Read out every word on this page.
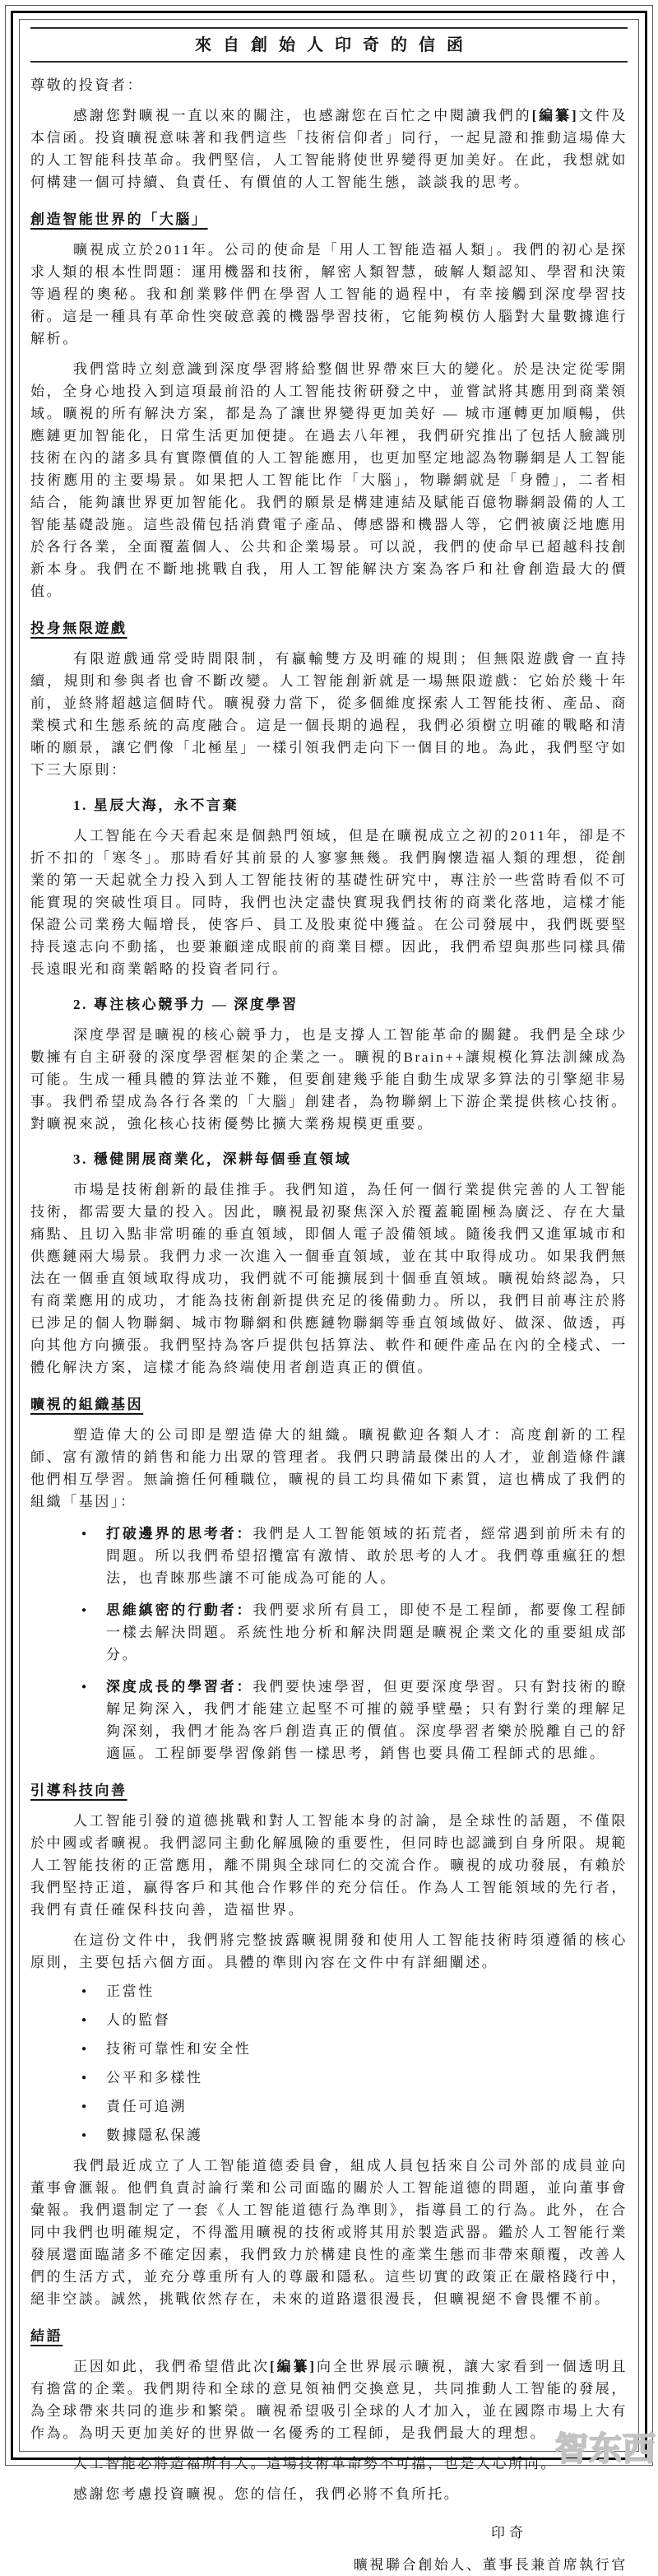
來自創始人印奇的信函
尊敬的投資者：
感謝您對曠視一直以來的關注，也感謝您在百忙之中閱讀我們的[編纂]文件及本信函。投資曠視意味著和我們這些「技術信仰者」同行，一起見證和推動這場偉大的人工智能科技革命。我們堅信，人工智能將使世界變得更加美好。在此，我想就如何構建一個可持續、負責任、有價值的人工智能生態，談談我的思考。
創造智能世界的「大腦」
曠視成立於2011年。公司的使命是「用人工智能造福人類」。我們的初心是探求人類的根本性問題：運用機器和技術，解密人類智慧，破解人類認知、學習和決策等過程的奧秘。我和創業夥伴們在學習人工智能的過程中，有幸接觸到深度學習技術。這是一種具有革命性突破意義的機器學習技術，它能夠模仿人腦對大量數據進行解析。
我們當時立刻意識到深度學習將給整個世界帶來巨大的變化。於是決定從零開始，全身心地投入到這項最前沿的人工智能技術研發之中，並嘗試將其應用到商業領域。曠視的所有解決方案，都是為了讓世界變得更加美好 — 城市運轉更加順暢，供應鏈更加智能化，日常生活更加便捷。在過去八年裡，我們研究推出了包括人臉識別技術在內的諸多具有實際價值的人工智能應用，也更加堅定地認為物聯網是人工智能技術應用的主要場景。如果把人工智能比作「大腦」，物聯網就是「身體」，二者相結合，能夠讓世界更加智能化。我們的願景是構建連結及賦能百億物聯網設備的人工智能基礎設施。這些設備包括消費電子產品、傳感器和機器人等，它們被廣泛地應用於各行各業，全面覆蓋個人、公共和企業場景。可以説，我們的使命早已超越科技創新本身。我們在不斷地挑戰自我，用人工智能解決方案為客戶和社會創造最大的價值。
投身無限遊戲
有限遊戲通常受時間限制，有贏輸雙方及明確的規則；但無限遊戲會一直持續，規則和參與者也會不斷改變。人工智能創新就是一場無限遊戲：它始於幾十年前，並終將超越這個時代。曠視發力當下，從多個維度探索人工智能技術、產品、商業模式和生態系統的高度融合。這是一個長期的過程，我們必須樹立明確的戰略和清晰的願景，讓它們像「北極星」一樣引領我們走向下一個目的地。為此，我們堅守如下三大原則：
1. 星辰大海，永不言棄
人工智能在今天看起來是個熱門領域，但是在曠視成立之初的2011年，卻是不折不扣的「寒冬」。那時看好其前景的人寥寥無幾。我們胸懷造福人類的理想，從創業的第一天起就全力投入到人工智能技術的基礎性研究中，專注於一些當時看似不可能實現的突破性項目。同時，我們也決定盡快實現我們技術的商業化落地，這樣才能保證公司業務大幅增長，使客戶、員工及股東從中獲益。在公司發展中，我們既要堅持長遠志向不動搖，也要兼顧達成眼前的商業目標。因此，我們希望與那些同樣具備長遠眼光和商業韜略的投資者同行。
2. 專注核心競爭力 — 深度學習
深度學習是曠視的核心競爭力，也是支撐人工智能革命的關鍵。我們是全球少數擁有自主研發的深度學習框架的企業之一。曠視的Brain++讓規模化算法訓練成為可能。生成一種具體的算法並不難，但要創建幾乎能自動生成眾多算法的引擎絕非易事。我們希望成為各行各業的「大腦」創建者，為物聯網上下游企業提供核心技術。對曠視來説，強化核心技術優勢比擴大業務規模更重要。
3. 穩健開展商業化，深耕每個垂直領域
市場是技術創新的最佳推手。我們知道，為任何一個行業提供完善的人工智能技術，都需要大量的投入。因此，曠視最初聚焦深入於覆蓋範圍極為廣泛、存在大量痛點、且切入點非常明確的垂直領域，即個人電子設備領域。隨後我們又進軍城市和供應鏈兩大場景。我們力求一次進入一個垂直領域，並在其中取得成功。如果我們無法在一個垂直領域取得成功，我們就不可能擴展到十個垂直領域。曠視始終認為，只有商業應用的成功，才能為技術創新提供充足的後備動力。所以，我們目前專注於將已涉足的個人物聯網、城市物聯網和供應鏈物聯網等垂直領域做好、做深、做透，再向其他方向擴張。我們堅持為客戶提供包括算法、軟件和硬件產品在內的全棧式、一體化解決方案，這樣才能為終端使用者創造真正的價值。
曠視的組織基因
塑造偉大的公司即是塑造偉大的組織。曠視歡迎各類人才：高度創新的工程師、富有激情的銷售和能力出眾的管理者。我們只聘請最傑出的人才，並創造條件讓他們相互學習。無論擔任何種職位，曠視的員工均具備如下素質，這也構成了我們的組織「基因」：
● 打破邊界的思考者：我們是人工智能領域的拓荒者，經常遇到前所未有的問題。所以我們希望招攬富有激情、敢於思考的人才。我們尊重瘋狂的想法，也青睞那些讓不可能成為可能的人。
● 思維縝密的行動者：我們要求所有員工，即使不是工程師，都要像工程師一樣去解決問題。系統性地分析和解決問題是曠視企業文化的重要組成部分。
● 深度成長的學習者：我們要快速學習，但更要深度學習。只有對技術的瞭解足夠深入，我們才能建立起堅不可摧的競爭壁壘；只有對行業的理解足夠深刻，我們才能為客戶創造真正的價值。深度學習者樂於脱離自己的舒適區。工程師要學習像銷售一樣思考，銷售也要具備工程師式的思維。
引導科技向善
人工智能引發的道德挑戰和對人工智能本身的討論，是全球性的話題，不僅限於中國或者曠視。我們認同主動化解風險的重要性，但同時也認識到自身所限。規範人工智能技術的正當應用，離不開與全球同仁的交流合作。曠視的成功發展，有賴於我們堅持正道，贏得客戶和其他合作夥伴的充分信任。作為人工智能領域的先行者，我們有責任確保科技向善，造福世界。
在這份文件中，我們將完整披露曠視開發和使用人工智能技術時須遵循的核心原則，主要包括六個方面。具體的準則內容在文件中有詳細闡述。
● 正當性
● 人的監督
● 技術可靠性和安全性
● 公平和多樣性
● 責任可追溯
● 數據隱私保護
我們最近成立了人工智能道德委員會，組成人員包括來自公司外部的成員並向董事會滙報。他們負責討論行業和公司面臨的關於人工智能道德的問題，並向董事會彙報。我們還制定了一套《人工智能道德行為準則》，指導員工的行為。此外，在合同中我們也明確規定，不得濫用曠視的技術或將其用於製造武器。鑑於人工智能行業發展還面臨諸多不確定因素，我們致力於構建良性的產業生態而非帶來顛覆，改善人們的生活方式，並充分尊重所有人的尊嚴和隱私。這些切實的政策正在嚴格踐行中，絕非空談。誠然，挑戰依然存在，未來的道路還很漫長，但曠視絕不會畏懼不前。
結語
正因如此，我們希望借此次[編纂]向全世界展示曠視，讓大家看到一個透明且有擔當的企業。我們期待和全球的意見領袖們交換意見，共同推動人工智能的發展，為全球帶來共同的進步和繁榮。曠視希望吸引全球的人才加入，並在國際市場上大有作為。為明天更加美好的世界做一名優秀的工程師，是我們最大的理想。
人工智能必將造福所有人。這場技術革命勢不可擋，也是人心所向。
感謝您考慮投資曠視。您的信任，我們必將不負所托。
印奇
曠視聯合創始人、董事長兼首席執行官
智东西
